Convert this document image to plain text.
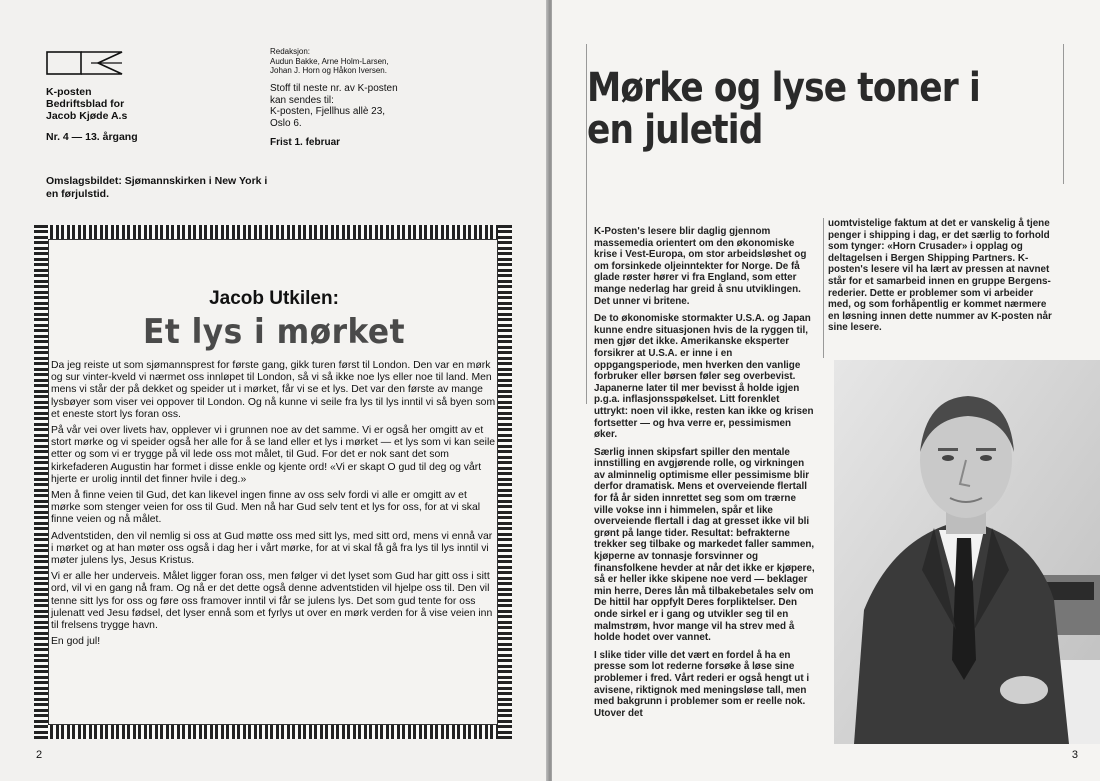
K-posten
Bedriftsblad for
Jacob Kjøde A.s
Nr. 4 — 13. årgang
Redaksjon:
Audun Bakke, Arne Holm-Larsen,
Johan J. Horn og Håkon Iversen.
Stoff til neste nr. av K-posten
kan sendes til:
K-posten, Fjellhus allè 23,
Oslo 6.
Frist 1. februar
Omslagsbildet: Sjømannskirken i New York i en førjulstid.
Jacob Utkilen:
Et lys i mørket

Da jeg reiste ut som sjømannsprest for første gang, gikk turen først til London. Den var en mørk og sur vinter-kveld vi nærmet oss innløpet til London, så vi så ikke noe lys eller noe til land. Men mens vi står der på dekket og speider ut i mørket, får vi se et lys. Det var den første av mange lysbøyer som viser vei oppover til London. Og nå kunne vi seile fra lys til lys inntil vi så byen som et eneste stort lys foran oss.

På vår vei over livets hav, opplever vi i grunnen noe av det samme. Vi er også her omgitt av et stort mørke og vi speider også her alle for å se land eller et lys i mørket — et lys som vi kan seile etter og som vi er trygge på vil lede oss mot målet, til Gud. For det er nok sant det som kirkefaderen Augustin har formet i disse enkle og kjente ord! «Vi er skapt O gud til deg og vårt hjerte er urolig inntil det finner hvile i deg.»

Men å finne veien til Gud, det kan likevel ingen finne av oss selv fordi vi alle er omgitt av et mørke som stenger veien for oss til Gud. Men nå har Gud selv tent et lys for oss, for at vi skal finne veien og nå målet.

Adventstiden, den vil nemlig si oss at Gud møtte oss med sitt lys, med sitt ord, mens vi ennå var i mørket og at han møter oss også i dag her i vårt mørke, for at vi skal få gå fra lys til lys inntil vi møter julens lys, Jesus Kristus.

Vi er alle her underveis. Målet ligger foran oss, men følger vi det lyset som Gud har gitt oss i sitt ord, vil vi en gang nå fram. Og nå er det dette også denne adventstiden vil hjelpe oss til. Den vil tenne sitt lys for oss og føre oss framover inntil vi får se julens lys. Det som gud tente for oss julenatt ved Jesu fødsel, det lyser ennå som et fyrlys ut over en mørk verden for å vise veien inn til frelsens trygge havn.

En god jul!

2
Mørke og lyse toner i en juletid

K-Posten's lesere blir daglig gjennom massemedia orientert om den økonomiske krise i Vest-Europa, om stor arbeidsløshet og om forsinkede oljeinntekter for Norge. De få glade røster hører vi fra England, som etter mange nederlag har greid å snu utviklingen. Det unner vi britene.

De to økonomiske stormakter U.S.A. og Japan kunne endre situasjonen hvis de la ryggen til, men gjør det ikke. Amerikanske eksperter forsikrer at U.S.A. er inne i en oppgangsperiode, men hverken den vanlige forbruker eller børsen føler seg overbevist. Japanerne later til mer bevisst å holde igjen p.g.a. inflasjonsspøkelset. Litt forenklet uttrykt: noen vil ikke, resten kan ikke og krisen fortsetter — og hva verre er, pessimismen øker.

Særlig innen skipsfart spiller den mentale innstilling en avgjørende rolle, og virkningen av alminnelig optimisme eller pessimisme blir derfor dramatisk. Mens et overveiende flertall for få år siden innrettet seg som om trærne ville vokse inn i himmelen, spår et like overveiende flertall i dag at gresset ikke vil bli grønt på lange tider. Resultat: befrakterne trekker seg tilbake og markedet faller sammen, kjøperne av tonnasje forsvinner og finansfolkene hevder at når det ikke er kjøpere, så er heller ikke skipene noe verd — beklager min herre, Deres lån må tilbakebetales selv om De hittil har oppfylt Deres forpliktelser. Den onde sirkel er i gang og utvikler seg til en malmstrøm, hvor mange vil ha strev med å holde hodet over vannet.

I slike tider ville det vært en fordel å ha en presse som lot rederne forsøke å løse sine problemer i fred. Vårt rederi er også hengt ut i avisene, riktignok med meningsløse tall, men med bakgrunn i problemer som er reelle nok. Utover det

uomtvistelige faktum at det er vanskelig å tjene penger i shipping i dag, er det særlig to forhold som tynger: «Horn Crusader» i opplag og deltagelsen i Bergen Shipping Partners. K-posten's lesere vil ha lært av pressen at navnet står for et samarbeid innen en gruppe Bergens-rederier. Dette er problemer som vi arbeider med, og som forhåpentlig er kommet nærmere en løsning innen dette nummer av K-posten når sine lesere.

3
